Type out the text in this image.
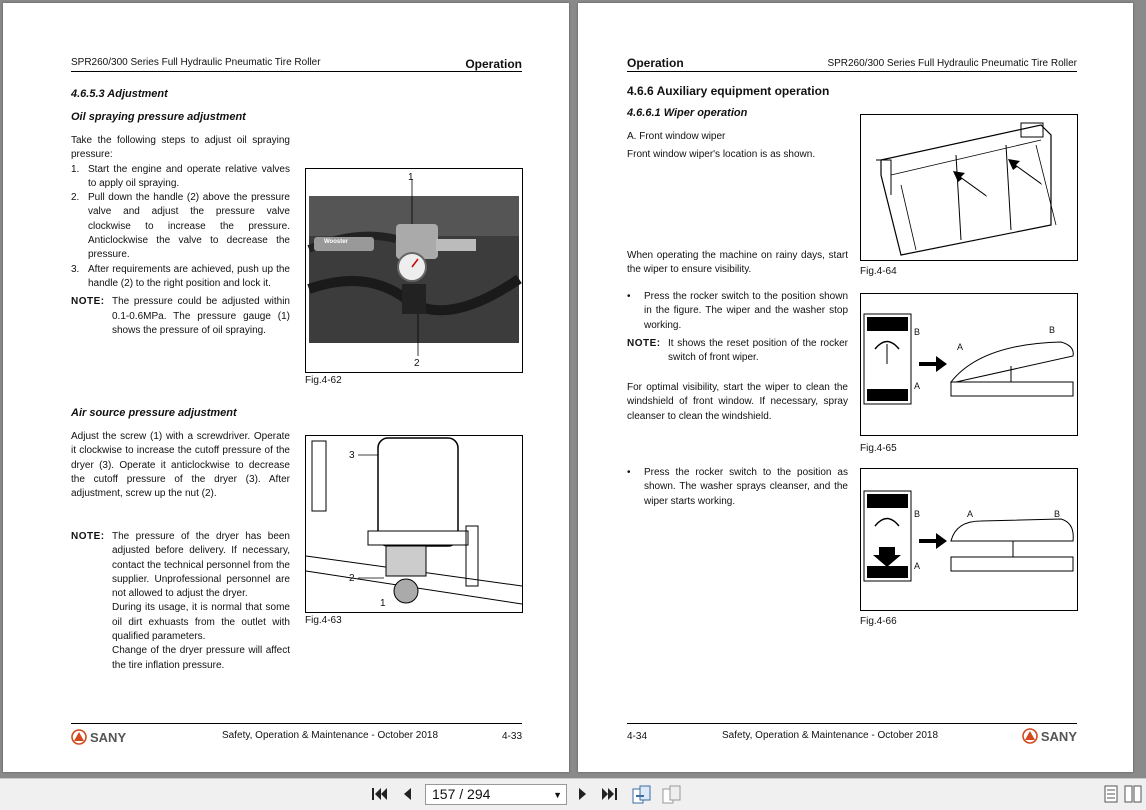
SPR260/300 Series Full Hydraulic Pneumatic Tire Roller	Operation
4.6.5.3 Adjustment
Oil spraying pressure adjustment

Take the following steps to adjust oil spraying pressure:

1. Start the engine and operate relative valves to apply oil spraying.
2. Pull down the handle (2) above the pressure valve and adjust the pressure valve clockwise to increase the pressure. Anticlockwise the valve to decrease the pressure.
3. After requirements are achieved, push up the handle (2) to the right position and lock it.
NOTE: The pressure could be adjusted within 0.1-0.6MPa. The pressure gauge (1) shows the pressure of oil spraying.
Wooster
1
2
Fig.4-62
Air source pressure adjustment
Adjust the screw (1) with a screwdriver. Operate it clockwise to increase the cutoff pressure of the dryer (3). Operate it anticlockwise to decrease the cutoff pressure of the dryer (3). After adjustment, screw up the nut (2).
NOTE: The pressure of the dryer has been adjusted before delivery. If necessary, contact the technical personnel from the supplier. Unprofessional personnel are not allowed to adjust the dryer.

During its usage, it is normal that some oil dirt exhuasts from the outlet with qualified parameters.

Change of the dryer pressure will affect the tire inflation pressure.

3
2
1
Fig.4-63
SANY	Safety, Operation & Maintenance - October 2018	4-33
Operation	SPR260/300 Series Full Hydraulic Pneumatic Tire Roller
4.6.6 Auxiliary equipment operation
4.6.6.1 Wiper operation
A. Front window wiper
Front window wiper's location is as shown.
Fig.4-64
When operating the machine on rainy days, start the wiper to ensure visibility.
• Press the rocker switch to the position shown in the figure. The wiper and the washer stop working.
NOTE: It shows the reset position of the rocker switch of front wiper.
B
A
A
B
Fig.4-65
For optimal visibility, start the wiper to clean the windshield of front window. If necessary, spray cleanser to clean the windshield.
• Press the rocker switch to the position as shown. The washer sprays cleanser, and the wiper starts working.
B
A
A	B
Fig.4-66
4-34	Safety, Operation & Maintenance - October 2018	SANY
157 / 294	▼
